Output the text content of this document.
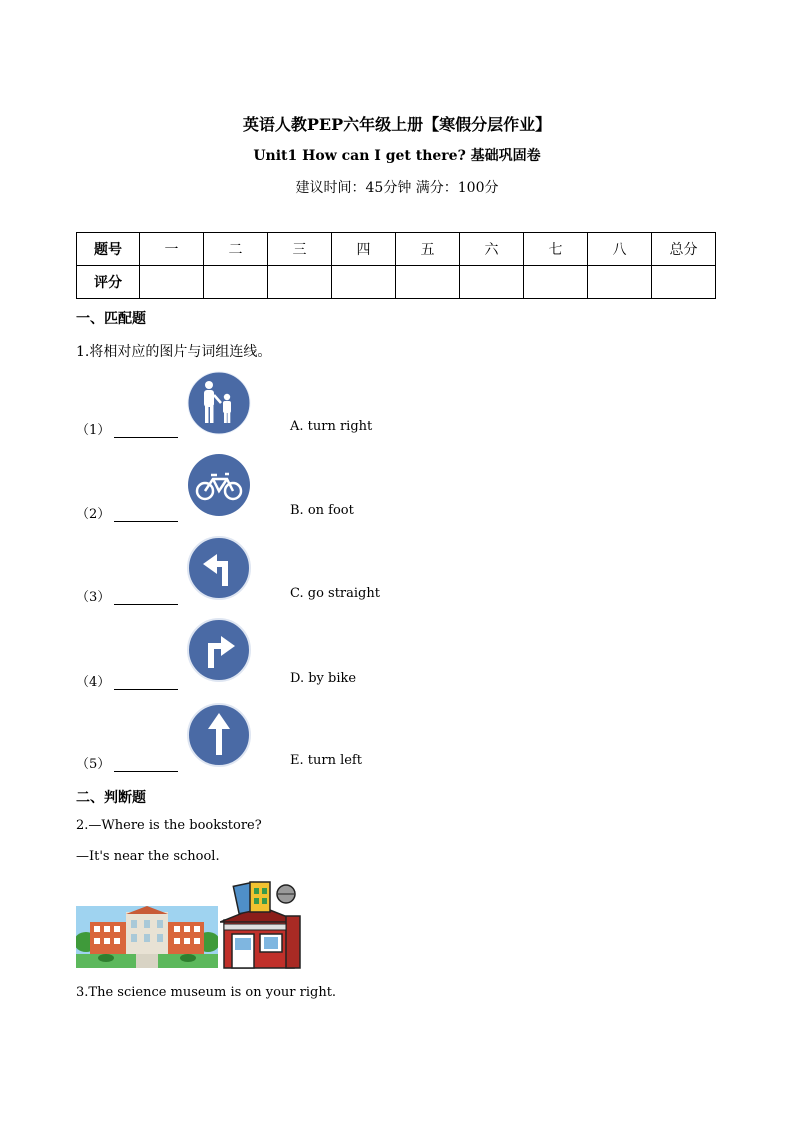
英语人教PEP六年级上册【寒假分层作业】
Unit1 How can I get there? 基础巩固卷
建议时间：45分钟 满分：100分
题号	一	二	三	四	五	六	七	八	总分
评分									
一、匹配题
1.将相对应的图片与词组连线。
（1）	A. turn right
（2）	B. on foot
（3）	C. go straight
（4）	D. by bike
（5）	E. turn left
二、判断题
2.—Where is the bookstore?
—It's near the school.
3.The science museum is on your right.
